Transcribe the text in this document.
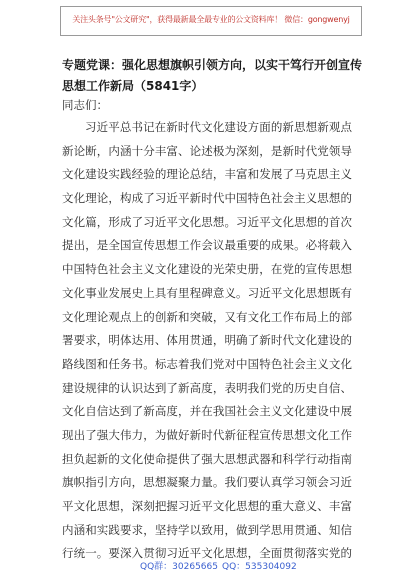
关注头条号"公文研究"，获得最新最全最专业的公文资料库！ 微信：gongwenyj
专题党课：强化思想旗帜引领方向，以实干笃行开创宣传
思想工作新局（5841字）
同志们：
习近平总书记在新时代文化建设方面的新思想新观点
新论断，内涵十分丰富、论述极为深刻，是新时代党领导
文化建设实践经验的理论总结，丰富和发展了马克思主义
文化理论，构成了习近平新时代中国特色社会主义思想的
文化篇，形成了习近平文化思想。习近平文化思想的首次
提出，是全国宣传思想工作会议最重要的成果。必将载入
中国特色社会主义文化建设的光荣史册，在党的宣传思想
文化事业发展史上具有里程碑意义。习近平文化思想既有
文化理论观点上的创新和突破，又有文化工作布局上的部
署要求，明体达用、体用贯通，明确了新时代文化建设的
路线图和任务书。标志着我们党对中国特色社会主义文化
建设规律的认识达到了新高度，表明我们党的历史自信、
文化自信达到了新高度，并在我国社会主义文化建设中展
现出了强大伟力，为做好新时代新征程宣传思想文化工作
担负起新的文化使命提供了强大思想武器和科学行动指南
旗帜指引方向，思想凝聚力量。我们要认真学习领会习近
平文化思想，深刻把握习近平文化思想的重大意义、丰富
内涵和实践要求，坚持学以致用，做到学思用贯通、知信
行统一。要深入贯彻习近平文化思想，全面贯彻落实党的
QQ群：30265665 QQ：535304092
